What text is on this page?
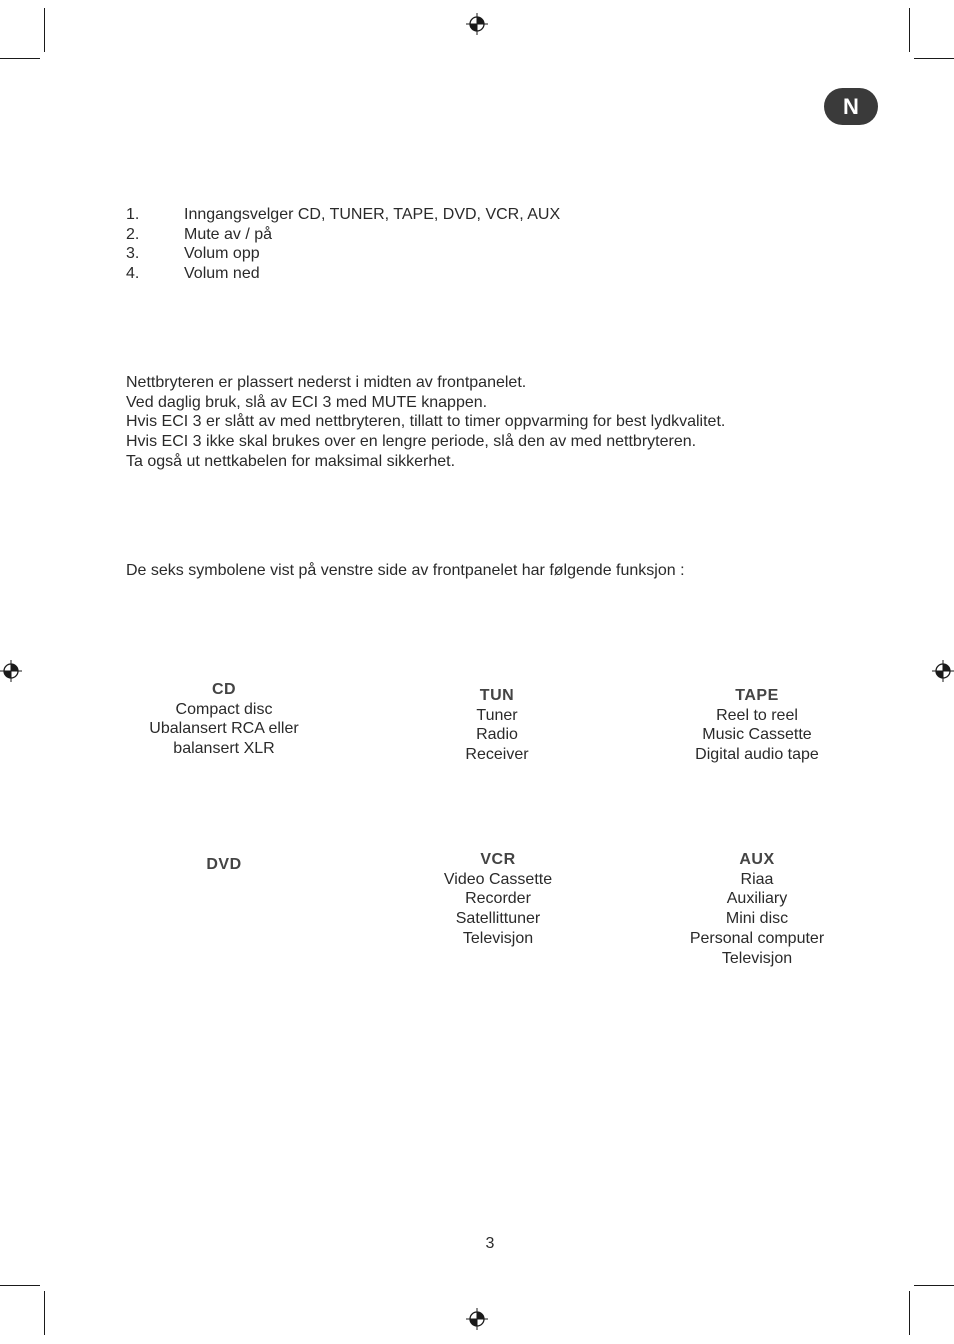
N
1.	Inngangsvelger CD, TUNER, TAPE, DVD, VCR, AUX
2.	Mute av / på
3.	Volum opp
4.	Volum ned
Nettbryteren er plassert nederst i midten av frontpanelet.
Ved daglig bruk, slå av ECI 3 med MUTE knappen.
Hvis ECI 3 er slått av med nettbryteren, tillatt to timer oppvarming for best lydkvalitet.
Hvis ECI 3 ikke skal brukes over en lengre periode, slå den av med nettbryteren.
Ta også ut nettkabelen for maksimal sikkerhet.
De seks symbolene vist på venstre side av frontpanelet har følgende funksjon :
CD
Compact disc
Ubalansert RCA eller
balansert XLR
TUN
Tuner
Radio
Receiver
TAPE
Reel to reel
Music Cassette
Digital audio tape
DVD	VCR
Video Cassette
Recorder
Satellittuner
Televisjon
AUX
Riaa
Auxiliary
Mini disc
Personal computer
Televisjon
3
